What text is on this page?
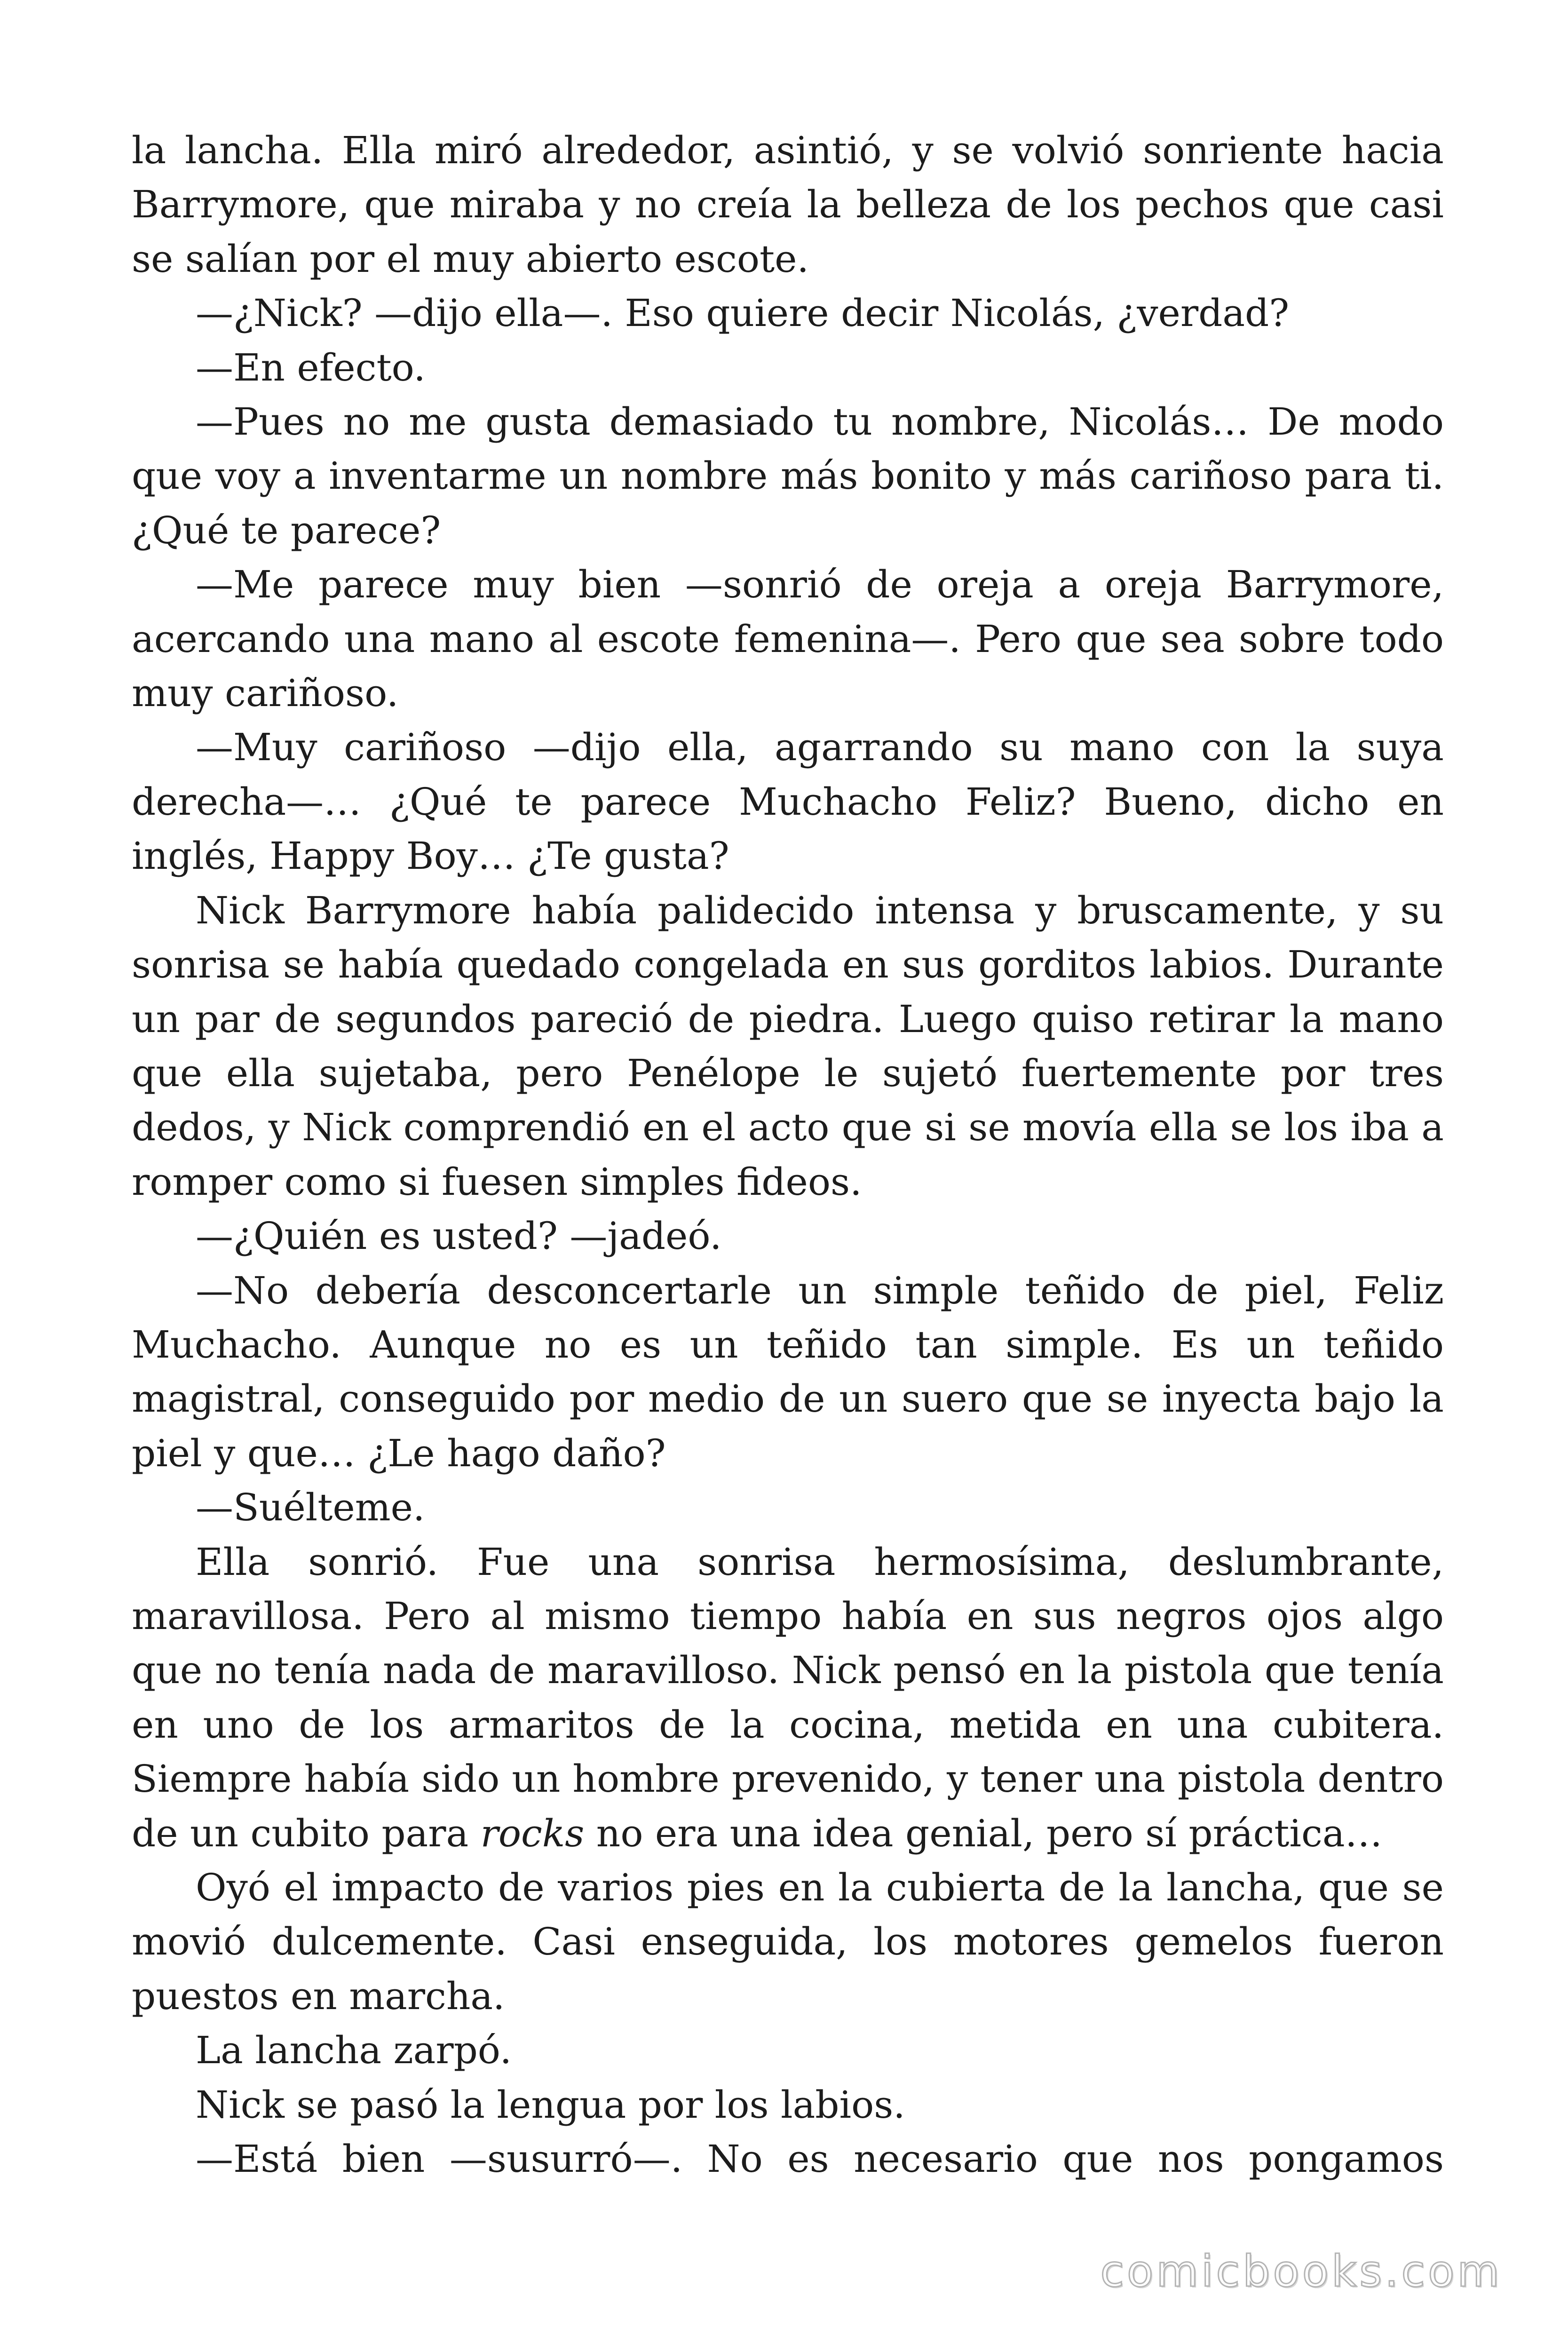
la lancha. Ella miró alrededor, asintió, y se volvió sonriente hacia Barrymore, que miraba y no creía la belleza de los pechos que casi se salían por el muy abierto escote.

—¿Nick? —dijo ella—. Eso quiere decir Nicolás, ¿verdad?

—En efecto.

—Pues no me gusta demasiado tu nombre, Nicolás… De modo que voy a inventarme un nombre más bonito y más cariñoso para ti. ¿Qué te parece?

—Me parece muy bien —sonrió de oreja a oreja Barrymore, acercando una mano al escote femenina—. Pero que sea sobre todo muy cariñoso.

—Muy cariñoso —dijo ella, agarrando su mano con la suya derecha—… ¿Qué te parece Muchacho Feliz? Bueno, dicho en inglés, Happy Boy… ¿Te gusta?

Nick Barrymore había palidecido intensa y bruscamente, y su sonrisa se había quedado congelada en sus gorditos labios. Durante un par de segundos pareció de piedra. Luego quiso retirar la mano que ella sujetaba, pero Penélope le sujetó fuertemente por tres dedos, y Nick comprendió en el acto que si se movía ella se los iba a romper como si fuesen simples fideos.

—¿Quién es usted? —jadeó.

—No debería desconcertarle un simple teñido de piel, Feliz Muchacho. Aunque no es un teñido tan simple. Es un teñido magistral, conseguido por medio de un suero que se inyecta bajo la piel y que… ¿Le hago daño?

—Suélteme.

Ella sonrió. Fue una sonrisa hermosísima, deslumbrante, maravillosa. Pero al mismo tiempo había en sus negros ojos algo que no tenía nada de maravilloso. Nick pensó en la pistola que tenía en uno de los armaritos de la cocina, metida en una cubitera. Siempre había sido un hombre prevenido, y tener una pistola dentro de un cubito para rocks no era una idea genial, pero sí práctica…

Oyó el impacto de varios pies en la cubierta de la lancha, que se movió dulcemente. Casi enseguida, los motores gemelos fueron puestos en marcha.

La lancha zarpó.

Nick se pasó la lengua por los labios.

—Está bien —susurró—. No es necesario que nos pongamos

comicbooks.com
